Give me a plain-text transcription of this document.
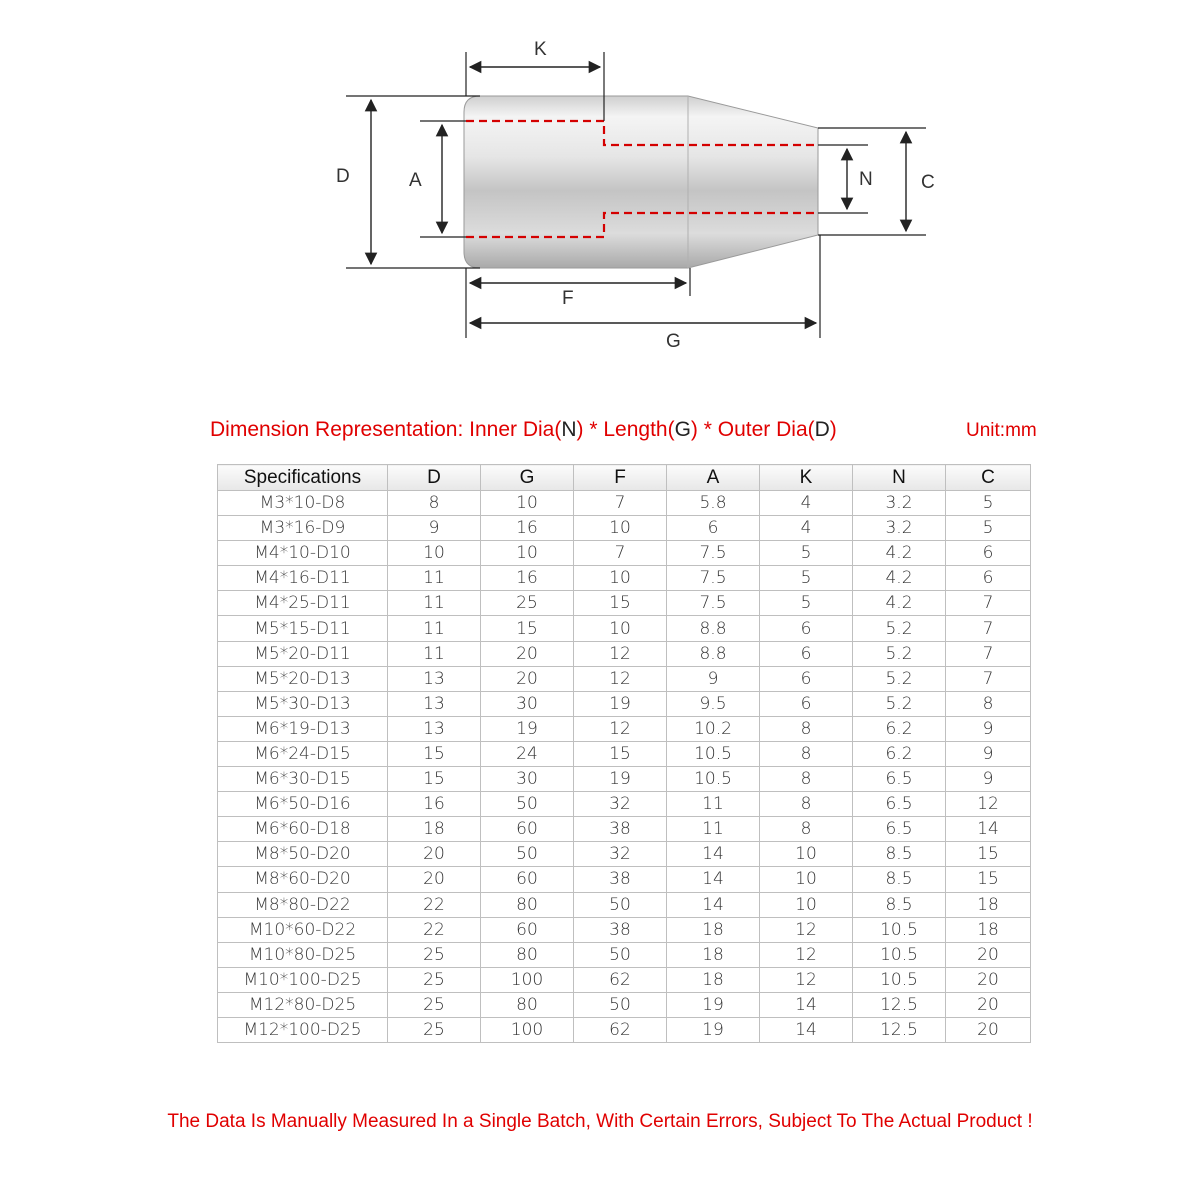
K
D	A	N	C
F
G
Dimension Representation: Inner Dia(N) * Length(G) * Outer Dia(D)	Unit:mm
Specifications	D	G	F	A	K	N	C
M3*10-D8	8	10	7	5.8	4	3.2	5
M3*16-D9	9	16	10	6	4	3.2	5
M4*10-D10	10	10	7	7.5	5	4.2	6
M4*16-D11	11	16	10	7.5	5	4.2	6
M4*25-D11	11	25	15	7.5	5	4.2	7
M5*15-D11	11	15	10	8.8	6	5.2	7
M5*20-D11	11	20	12	8.8	6	5.2	7
M5*20-D13	13	20	12	9	6	5.2	7
M5*30-D13	13	30	19	9.5	6	5.2	8
M6*19-D13	13	19	12	10.2	8	6.2	9
M6*24-D15	15	24	15	10.5	8	6.2	9
M6*30-D15	15	30	19	10.5	8	6.5	9
M6*50-D16	16	50	32	11	8	6.5	12
M6*60-D18	18	60	38	11	8	6.5	14
M8*50-D20	20	50	32	14	10	8.5	15
M8*60-D20	20	60	38	14	10	8.5	15
M8*80-D22	22	80	50	14	10	8.5	18
M10*60-D22	22	60	38	18	12	10.5	18
M10*80-D25	25	80	50	18	12	10.5	20
M10*100-D25	25	100	62	18	12	10.5	20
M12*80-D25	25	80	50	19	14	12.5	20
M12*100-D25	25	100	62	19	14	12.5	20
The Data Is Manually Measured In a Single Batch, With Certain Errors, Subject To The Actual Product !
